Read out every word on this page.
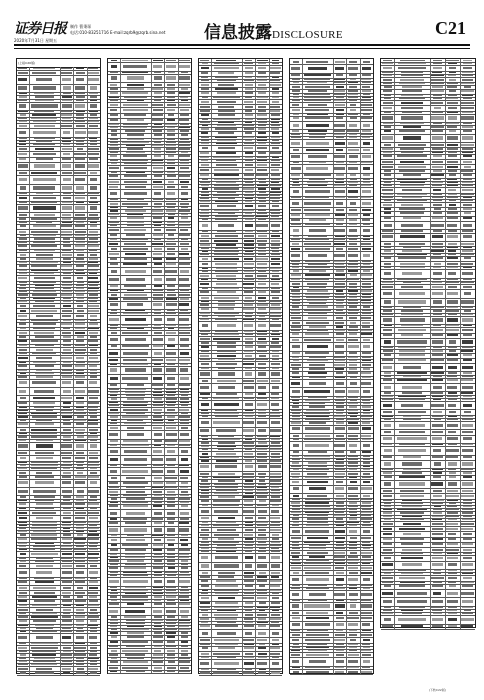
证券日报
2020年7月31日 星期五
制作 曹秉琛
电话:010-83251716 E-mail:zqrb9@zqrb.sina.net 信息披露DISCLOSURE	C21
(上接C20版)
(下转C22版)
